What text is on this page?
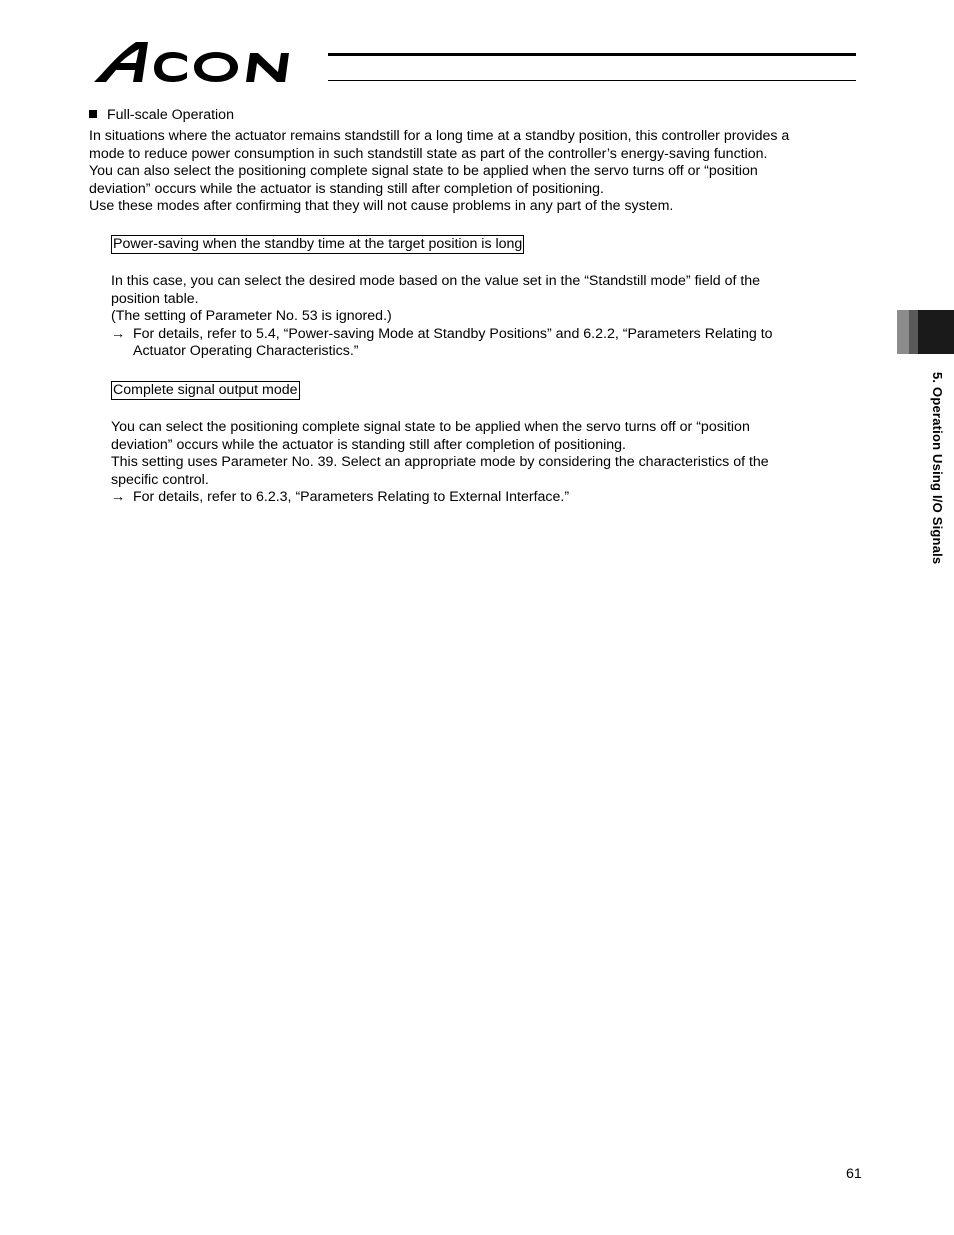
Full-scale Operation
In situations where the actuator remains standstill for a long time at a standby position, this controller provides a
mode to reduce power consumption in such standstill state as part of the controller’s energy-saving function.
You can also select the positioning complete signal state to be applied when the servo turns off or “position
deviation” occurs while the actuator is standing still after completion of positioning.
Use these modes after confirming that they will not cause problems in any part of the system.
Power-saving when the standby time at the target position is long
In this case, you can select the desired mode based on the value set in the “Standstill mode” field of the
position table.
(The setting of Parameter No. 53 is ignored.)
→ For details, refer to 5.4, “Power-saving Mode at Standby Positions” and 6.2.2, “Parameters Relating to
Actuator Operating Characteristics.”
Complete signal output mode
You can select the positioning complete signal state to be applied when the servo turns off or “position
deviation” occurs while the actuator is standing still after completion of positioning.
This setting uses Parameter No. 39. Select an appropriate mode by considering the characteristics of the
specific control.
→ For details, refer to 6.2.3, “Parameters Relating to External Interface.”	5. Operation Using I/O Signals
61
